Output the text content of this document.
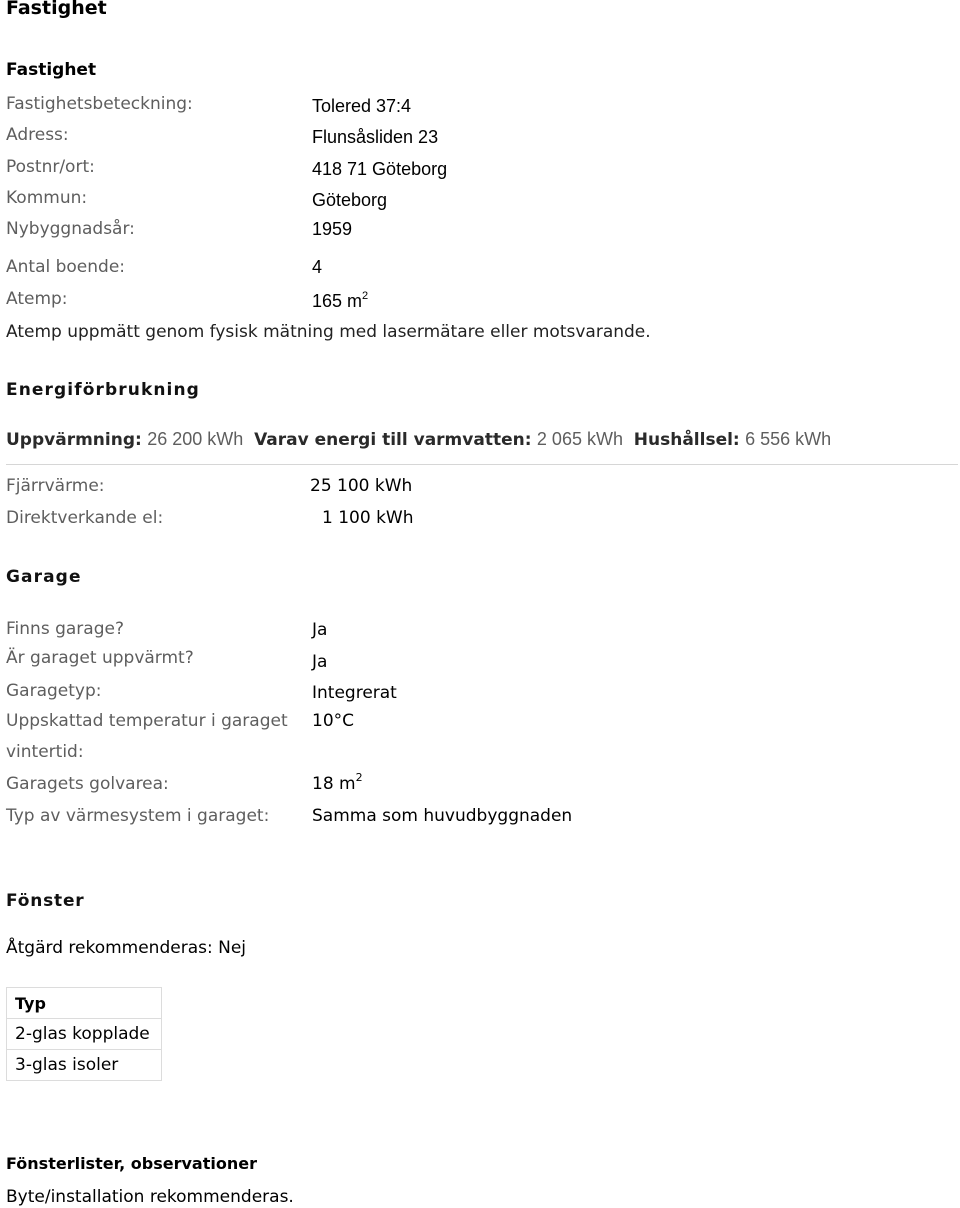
Fastighet
Fastighet
Fastighetsbeteckning:	Tolered 37:4
Adress:	Flunsåsliden 23
Postnr/ort:	418 71 Göteborg
Kommun:	Göteborg
Nybyggnadsår:	1959
Antal boende:	4
Atemp:	165 $m^2$
Atemp uppmätt genom fysisk mätning med lasermätare eller motsvarande.
Energiförbrukning
Uppvärmning: 26 200 kWh Varav energi till varmvatten: 2 065 kWh Hushållsel: 6 556 kWh
Fjärrvärme:	25 100 kWh
Direktverkande el:	1 100 kWh
Garage
Finns garage?	Ja
Är garaget uppvärmt?	Ja
Garagetyp:	Integrerat
Uppskattad temperatur i garaget
vintertid:
10°C
Garagets golvarea:	18 $m^2$
Typ av värmesystem i garaget:	Samma som huvudbyggnaden
Fönster
Åtgärd rekommenderas: Nej
Typ
2-glas kopplade
3-glas isoler
Fönsterlister, observationer
Byte/installation rekommenderas.
